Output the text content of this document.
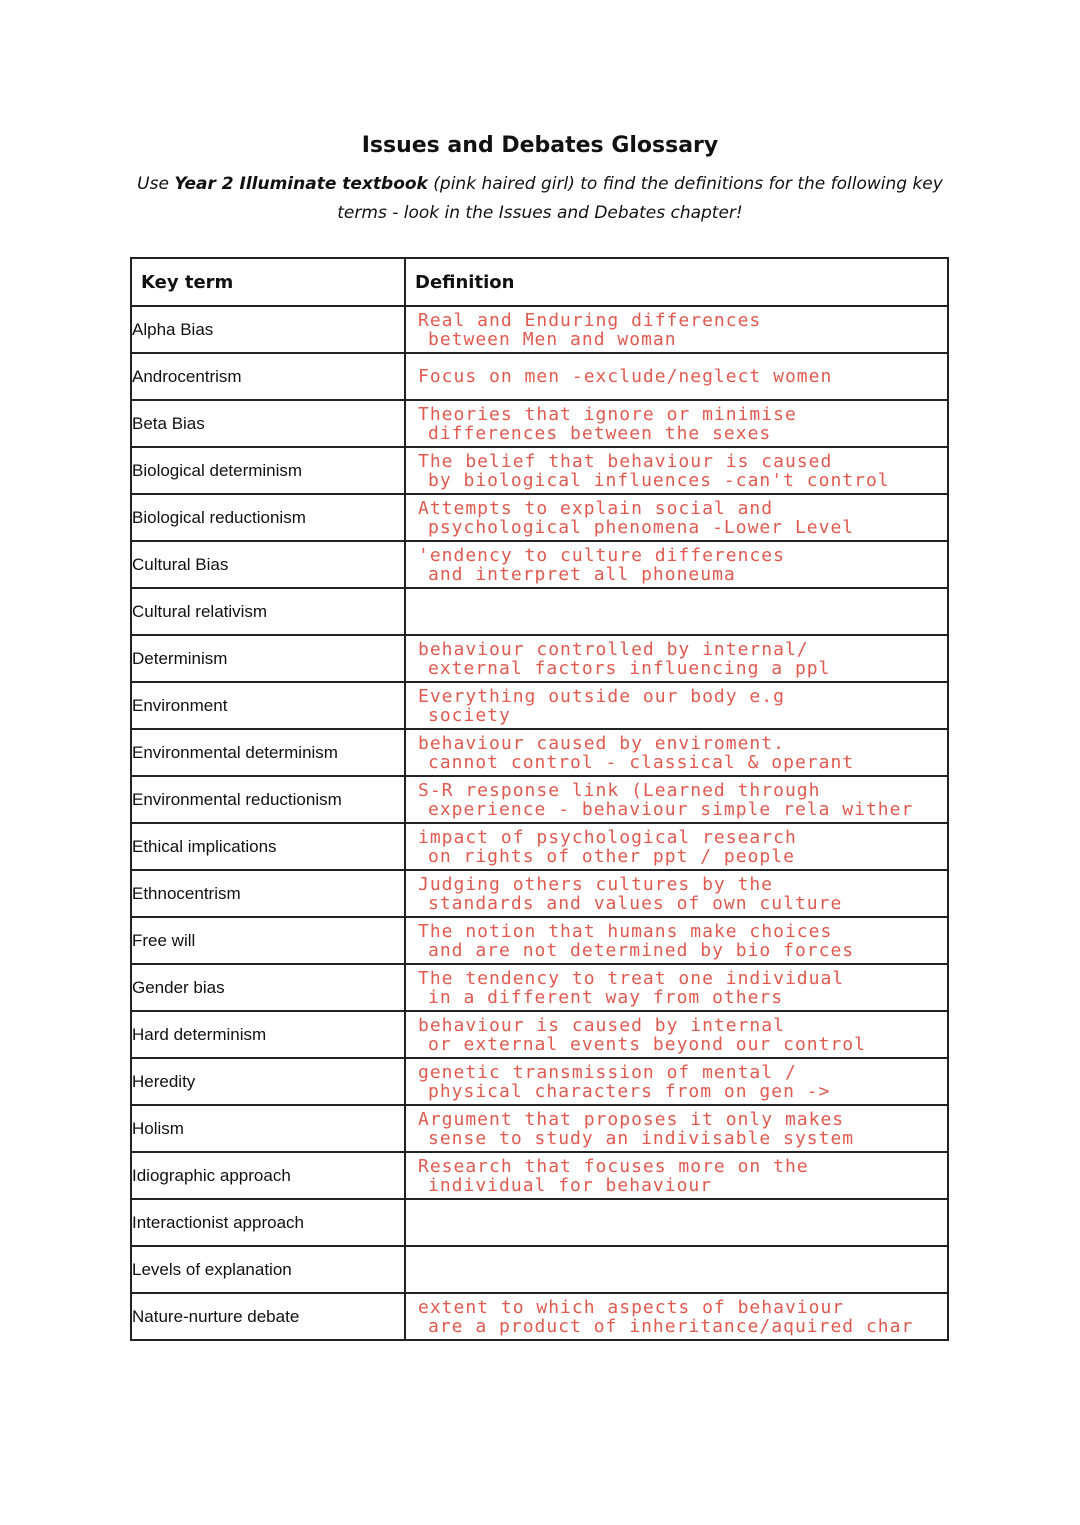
Issues and Debates Glossary
Use Year 2 Illuminate textbook (pink haired girl) to find the definitions for the following key
terms - look in the Issues and Debates chapter!
Key term	Definition
Alpha Bias	Real and Enduring differences
between Men and woman

Androcentrism	Focus on men -exclude/neglect women

Beta Bias	Theories that ignore or minimise
differences between the sexes

Biological determinism	The belief that behaviour is caused
by biological influences -can't control

Biological reductionism	Attempts to explain social and
psychological phenomena -Lower Level

Cultural Bias	'endency to culture differences
and interpret all phoneuma

Cultural relativism	

Determinism	behaviour controlled by internal/
external factors influencing a ppl

Environment	Everything outside our body e.g
society

Environmental determinism	behaviour caused by enviroment.
cannot control - classical & operant

Environmental reductionism	S-R response link (Learned through
experience - behaviour simple rela wither

Ethical implications	impact of psychological research
on rights of other ppt / people

Ethnocentrism	Judging others cultures by the
standards and values of own culture

Free will	The notion that humans make choices
and are not determined by bio forces

Gender bias	The tendency to treat one individual
in a different way from others

Hard determinism	behaviour is caused by internal
or external events beyond our control

Heredity	genetic transmission of mental /
physical characters from on gen ->

Holism	Argument that proposes it only makes
sense to study an indivisable system

Idiographic approach	Research that focuses more on the
individual for behaviour

Interactionist approach	

Levels of explanation	

Nature-nurture debate	extent to which aspects of behaviour
are a product of inheritance/aquired char
